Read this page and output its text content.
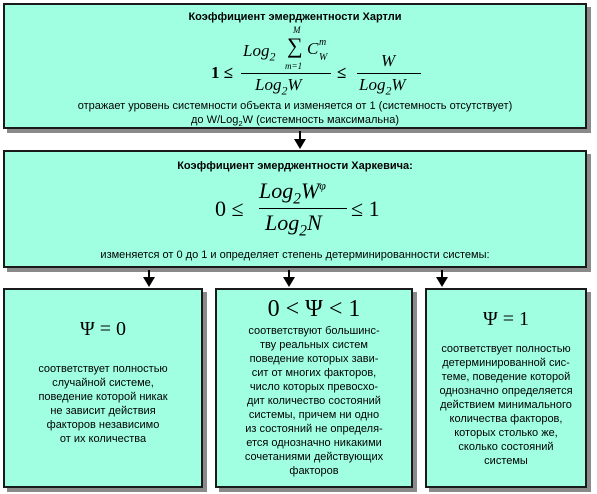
Коэффициент эмерджентности Хартли
1 ≤
Log$_2$
M
∑
m=1
C m
W
Log$_2$W
≤
W
Log$_2$W
отражает уровень системности объекта и изменяется от 1 (системность отсутствует)
до W/Log$_2$W (системность максимальна)
Коэффициент эмерджентности Харкевича:
0 ≤
$Log_2W^\varphi$
Log$_2$N
≤ 1
изменяется от 0 до 1 и определяет степень детерминированности системы:
Ψ = 0

соответствует полностью

случайной системе,

поведение которой никак

не зависит действия

факторов независимо

от их количества

0 < Ψ < 1

соответствуют большинс-

тву реальных систем

поведение которых зави-

сит от многих факторов,

число которых превосхо-

дит количество состояний

системы, причем ни одно

из состояний не определя-

ется однозначно никакими

сочетаниями действующих

факторов

Ψ = 1

соответствует полностью

детерминированной сис-

теме, поведение которой

однозначно определяется

действием минимального

количества факторов,

которых столько же,

сколько состояний

системы
